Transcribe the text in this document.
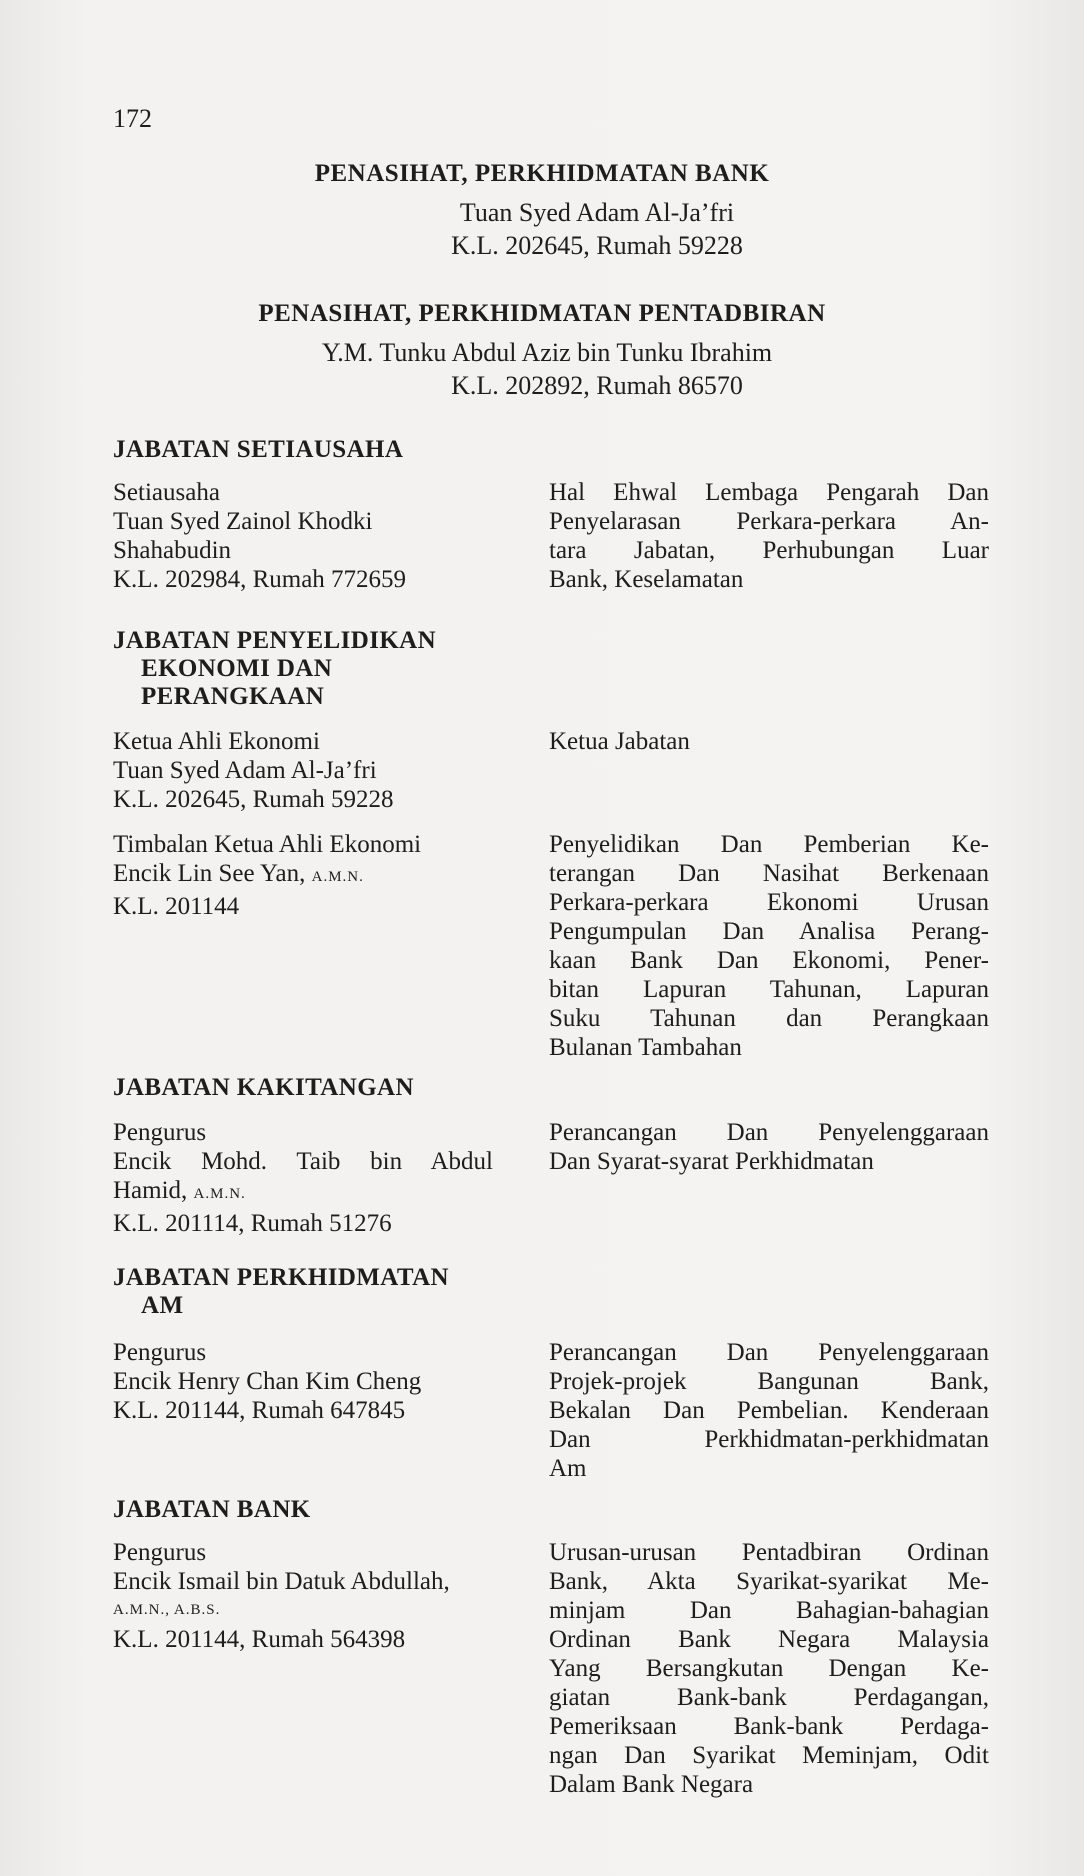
172
PENASIHAT, PERKHIDMATAN BANK
Tuan Syed Adam Al-Ja’fri
K.L. 202645, Rumah 59228
PENASIHAT, PERKHIDMATAN PENTADBIRAN
Y.M. Tunku Abdul Aziz bin Tunku Ibrahim
K.L. 202892, Rumah 86570
JABATAN SETIAUSAHA
Setiausaha
Tuan Syed Zainol Khodki
Shahabudin
K.L. 202984, Rumah 772659
Hal Ehwal Lembaga Pengarah Dan
Penyelarasan Perkara-perkara An-
tara Jabatan, Perhubungan Luar
Bank, Keselamatan
JABATAN PENYELIDIKAN
EKONOMI DAN
PERANGKAAN
Ketua Ahli Ekonomi
Tuan Syed Adam Al-Ja’fri
K.L. 202645, Rumah 59228
Ketua Jabatan
Timbalan Ketua Ahli Ekonomi
Encik Lin See Yan, A.M.N.
K.L. 201144
Penyelidikan Dan Pemberian Ke-
terangan Dan Nasihat Berkenaan
Perkara-perkara Ekonomi Urusan
Pengumpulan Dan Analisa Perang-
kaan Bank Dan Ekonomi, Pener-
bitan Lapuran Tahunan, Lapuran
Suku Tahunan dan Perangkaan
Bulanan Tambahan
JABATAN KAKITANGAN
Pengurus
Encik Mohd. Taib bin Abdul
Hamid, A.M.N.
K.L. 201114, Rumah 51276
Perancangan Dan Penyelenggaraan
Dan Syarat-syarat Perkhidmatan
JABATAN PERKHIDMATAN
AM
Pengurus
Encik Henry Chan Kim Cheng
K.L. 201144, Rumah 647845
Perancangan Dan Penyelenggaraan
Projek-projek Bangunan Bank,
Bekalan Dan Pembelian. Kenderaan
Dan Perkhidmatan-perkhidmatan
Am
JABATAN BANK
Pengurus
Encik Ismail bin Datuk Abdullah,
A.M.N., A.B.S.
K.L. 201144, Rumah 564398
Urusan-urusan Pentadbiran Ordinan
Bank, Akta Syarikat-syarikat Me-
minjam Dan Bahagian-bahagian
Ordinan Bank Negara Malaysia
Yang Bersangkutan Dengan Ke-
giatan Bank-bank Perdagangan,
Pemeriksaan Bank-bank Perdaga-
ngan Dan Syarikat Meminjam, Odit
Dalam Bank Negara
